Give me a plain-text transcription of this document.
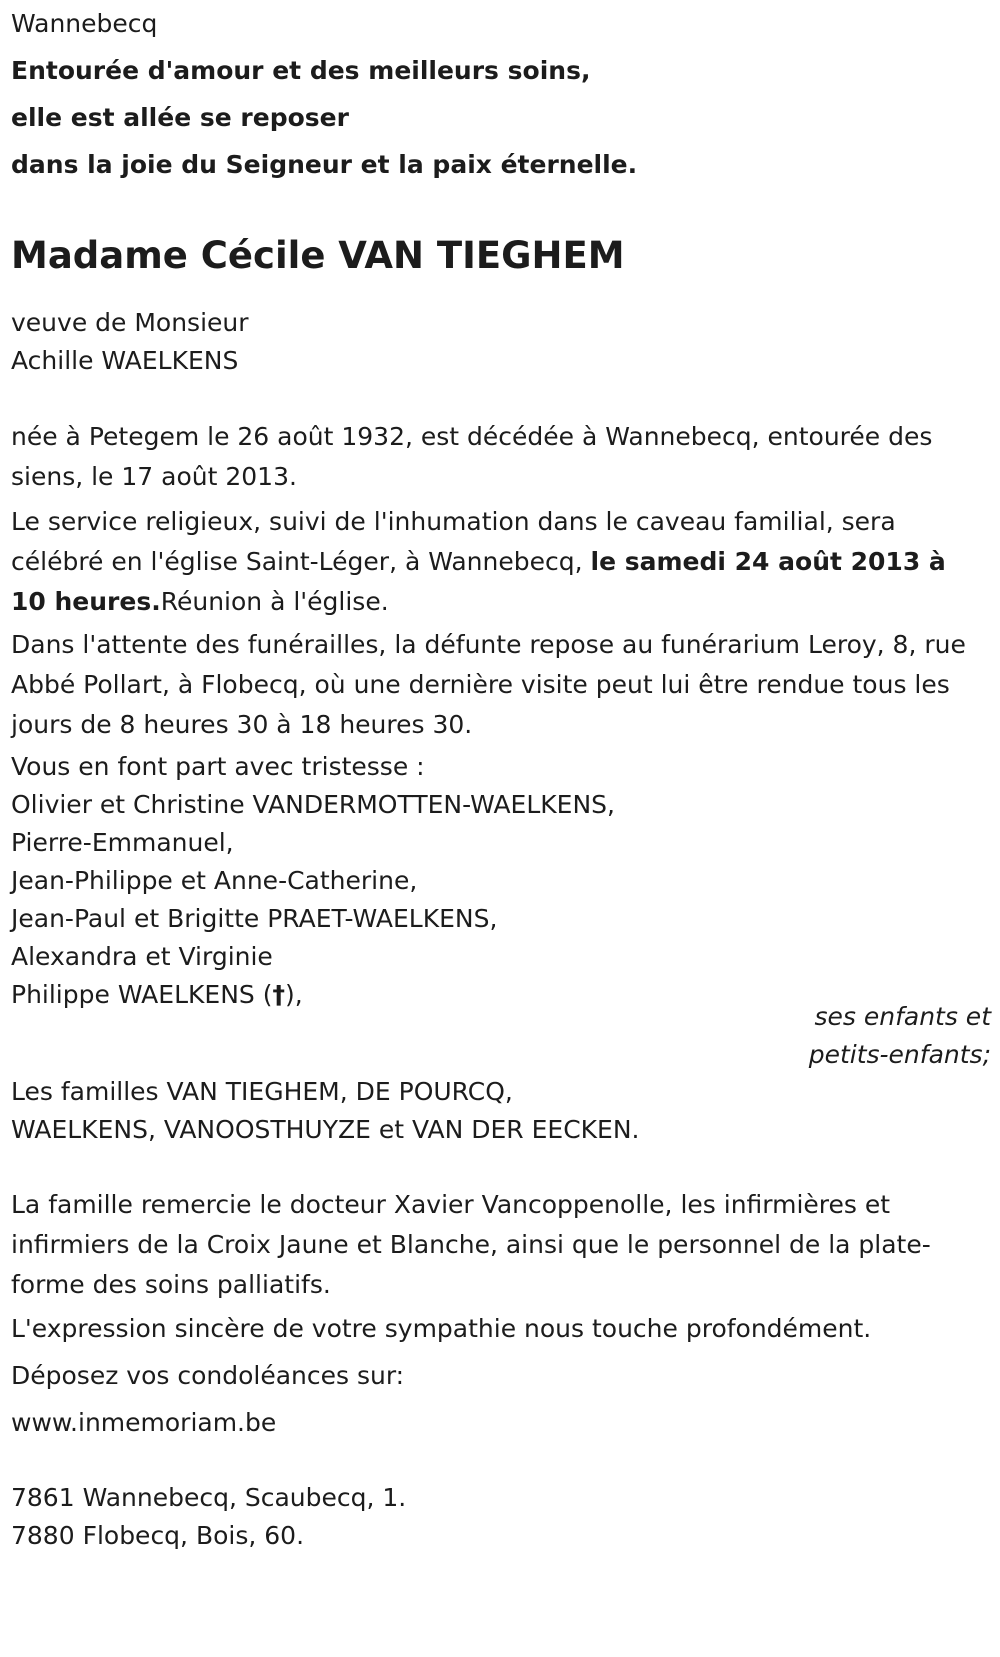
Wannebecq
Entourée d'amour et des meilleurs soins,
elle est allée se reposer
dans la joie du Seigneur et la paix éternelle.
Madame Cécile VAN TIEGHEM
veuve de Monsieur
Achille WAELKENS

née à Petegem le 26 août 1932, est décédée à Wannebecq, entourée des siens, le 17 août 2013.

Le service religieux, suivi de l'inhumation dans le caveau familial, sera célébré en l'église Saint-Léger, à Wannebecq, le samedi 24 août 2013 à 10 heures.Réunion à l'église.

Dans l'attente des funérailles, la défunte repose au funérarium Leroy, 8, rue Abbé Pollart, à Flobecq, où une dernière visite peut lui être rendue tous les jours de 8 heures 30 à 18 heures 30.

Vous en font part avec tristesse :
Olivier et Christine VANDERMOTTEN-WAELKENS,
Pierre-Emmanuel,
Jean-Philippe et Anne-Catherine,
Jean-Paul et Brigitte PRAET-WAELKENS,
Alexandra et Virginie
Philippe WAELKENS (†),
ses enfants et
petits-enfants;
Les familles VAN TIEGHEM, DE POURCQ,
WAELKENS, VANOOSTHUYZE et VAN DER EECKEN.

La famille remercie le docteur Xavier Vancoppenolle, les infirmières et infirmiers de la Croix Jaune et Blanche, ainsi que le personnel de la plate-forme des soins palliatifs.

L'expression sincère de votre sympathie nous touche profondément.
Déposez vos condoléances sur:
www.inmemoriam.be
7861 Wannebecq, Scaubecq, 1.
7880 Flobecq, Bois, 60.
